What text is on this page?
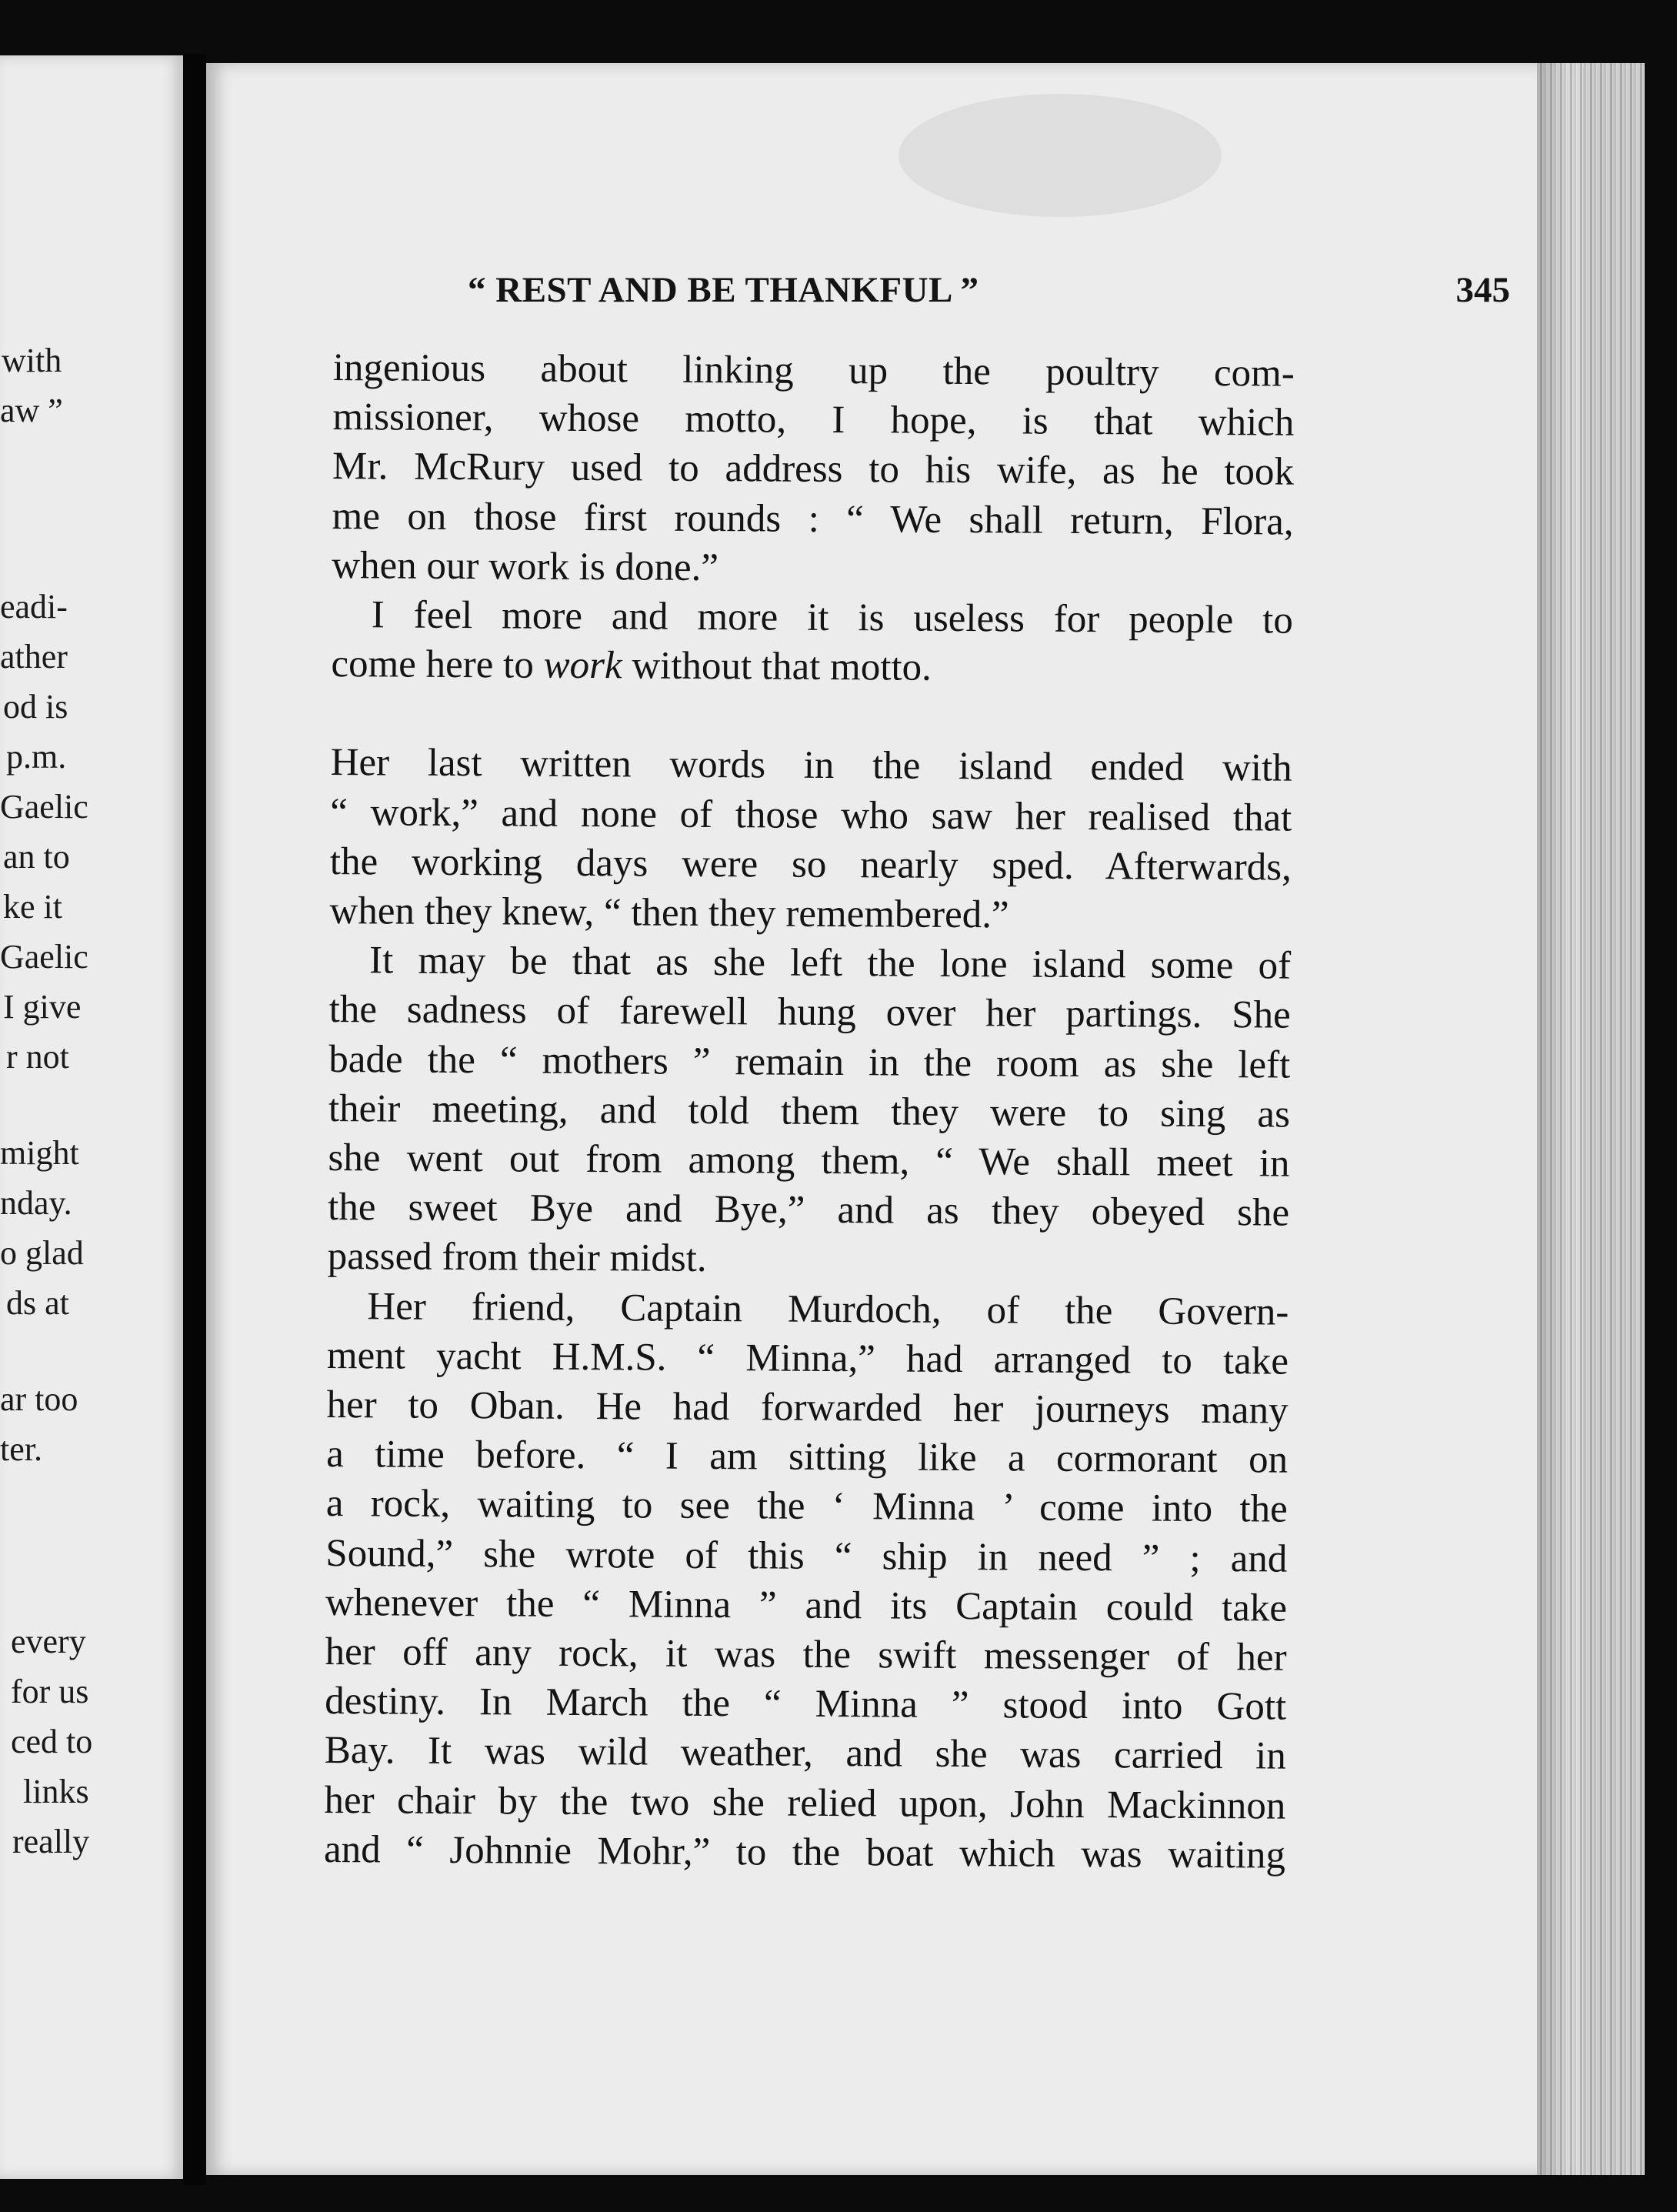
with
aw ”
eadi-
ather
od is
p.m.
Gaelic
an to
ke it
Gaelic
I give
r not
might
nday.
o glad
ds at
ar too
ter.
every
for us
ced to
links
really
“ REST AND BE THANKFUL ”	345
ingenious about linking up the poultry com-
missioner, whose motto, I hope, is that which
Mr. McRury used to address to his wife, as he took
me on those first rounds : “ We shall return, Flora,
when our work is done.”
I feel more and more it is useless for people to
come here to work without that motto.
Her last written words in the island ended with
“ work,” and none of those who saw her realised that
the working days were so nearly sped. Afterwards,
when they knew, “ then they remembered.”
It may be that as she left the lone island some of
the sadness of farewell hung over her partings. She
bade the “ mothers ” remain in the room as she left
their meeting, and told them they were to sing as
she went out from among them, “ We shall meet in
the sweet Bye and Bye,” and as they obeyed she
passed from their midst.
Her friend, Captain Murdoch, of the Govern-
ment yacht H.M.S. “ Minna,” had arranged to take
her to Oban. He had forwarded her journeys many
a time before. “ I am sitting like a cormorant on
a rock, waiting to see the ‘ Minna ’ come into the
Sound,” she wrote of this “ ship in need ” ; and
whenever the “ Minna ” and its Captain could take
her off any rock, it was the swift messenger of her
destiny. In March the “ Minna ” stood into Gott
Bay. It was wild weather, and she was carried in
her chair by the two she relied upon, John Mackinnon
and “ Johnnie Mohr,” to the boat which was waiting
